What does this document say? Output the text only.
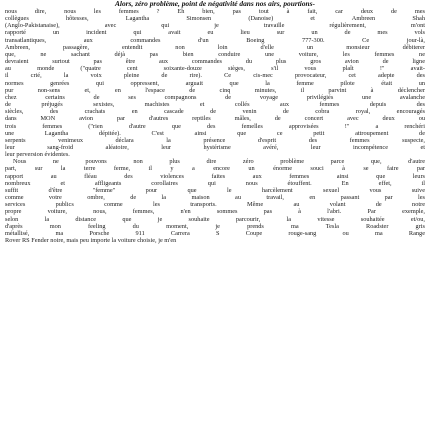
Alors, zéro problème, point de négativité dans nos airs, pourtions-
nous dire, nous les femmes ? Eh bien, pas tout à fait, car deux de mes
collègues hôtesses, Lagantha Simonsen (Danoise) et Ambreen Shah
(Anglo-Pakistanaise), avec qui je travaille régulièrement, m'ont
rapporté un incident qui avait eu lieu sur un de mes vols
transatlantiques, aux commandes d'un Boeing 777-300. Ce jour-là,
Ambreen, passagère, entendit non loin d'elle un monsieur débiterer
que, ne sachant déjà pas bien conduire une voiture, les femmes ne
devraient surtout pas être aux commandes du plus gros avion de ligne
au monde ("quatre cent soixante-douze sièges, s'il vous plaît !" avait-
il crié, la voix pleine de rire). Ce cis-mec provocateur, cet adepte des
normes genrées qui oppressent, arguait que la femme pilote était un
pur non-sens et, en l'espace de cinq minutes, il parvint à déclencher
chez certains de ses compagnons de voyage privilégiés une avalanche
de préjugés sexistes, machistes et collés aux femmes depuis des
siècles, des crachats en cascade de venin de cobra royal, encouragés
dans MON avion par d'autres reptiles mâles, de concert avec deux ou
trois femmes ("rien d'autre que des femelles approvisées !" a renchéri
une Lagantha dépitée). C'est ainsi que ce petit attroupement de
serpents venimeux déclara la présence d'esprit des femmes suspecte,
leur sang-froid aléatoire, leur hystérisme avéré, leur incompétence et
leur perversion évidentes.
Nous ne pouvons non plus dire zéro problème parce que, d'autre
part, sur la terre ferme, il y a encore un énorme souci à se faire par
rapport au fléau des violences faites aux femmes ainsi que leurs
nombreux et affligeants corollaires qui nous étouffent. En effet, il
suffit d'être "femme" pour que le harcèlement sexuel vous suive
comme votre ombre, de la maison au travail, en passant par les
services publics comme les transports. Même au volant de notre
propre voiture, nous, femmes, n'en sommes pas à l'abri. Par exemple,
selon la distance que je souhaite parcourir, la vitesse souhaitée et/ou,
d'après mon feeling du moment, je prends ma Tesla Roadster gris
métallisé, ma Porsche 911 Carrera S Coupe rouge-sang ou ma Range
Rover RS Fender noire, mais peu importe la voiture choisie, je m'en
